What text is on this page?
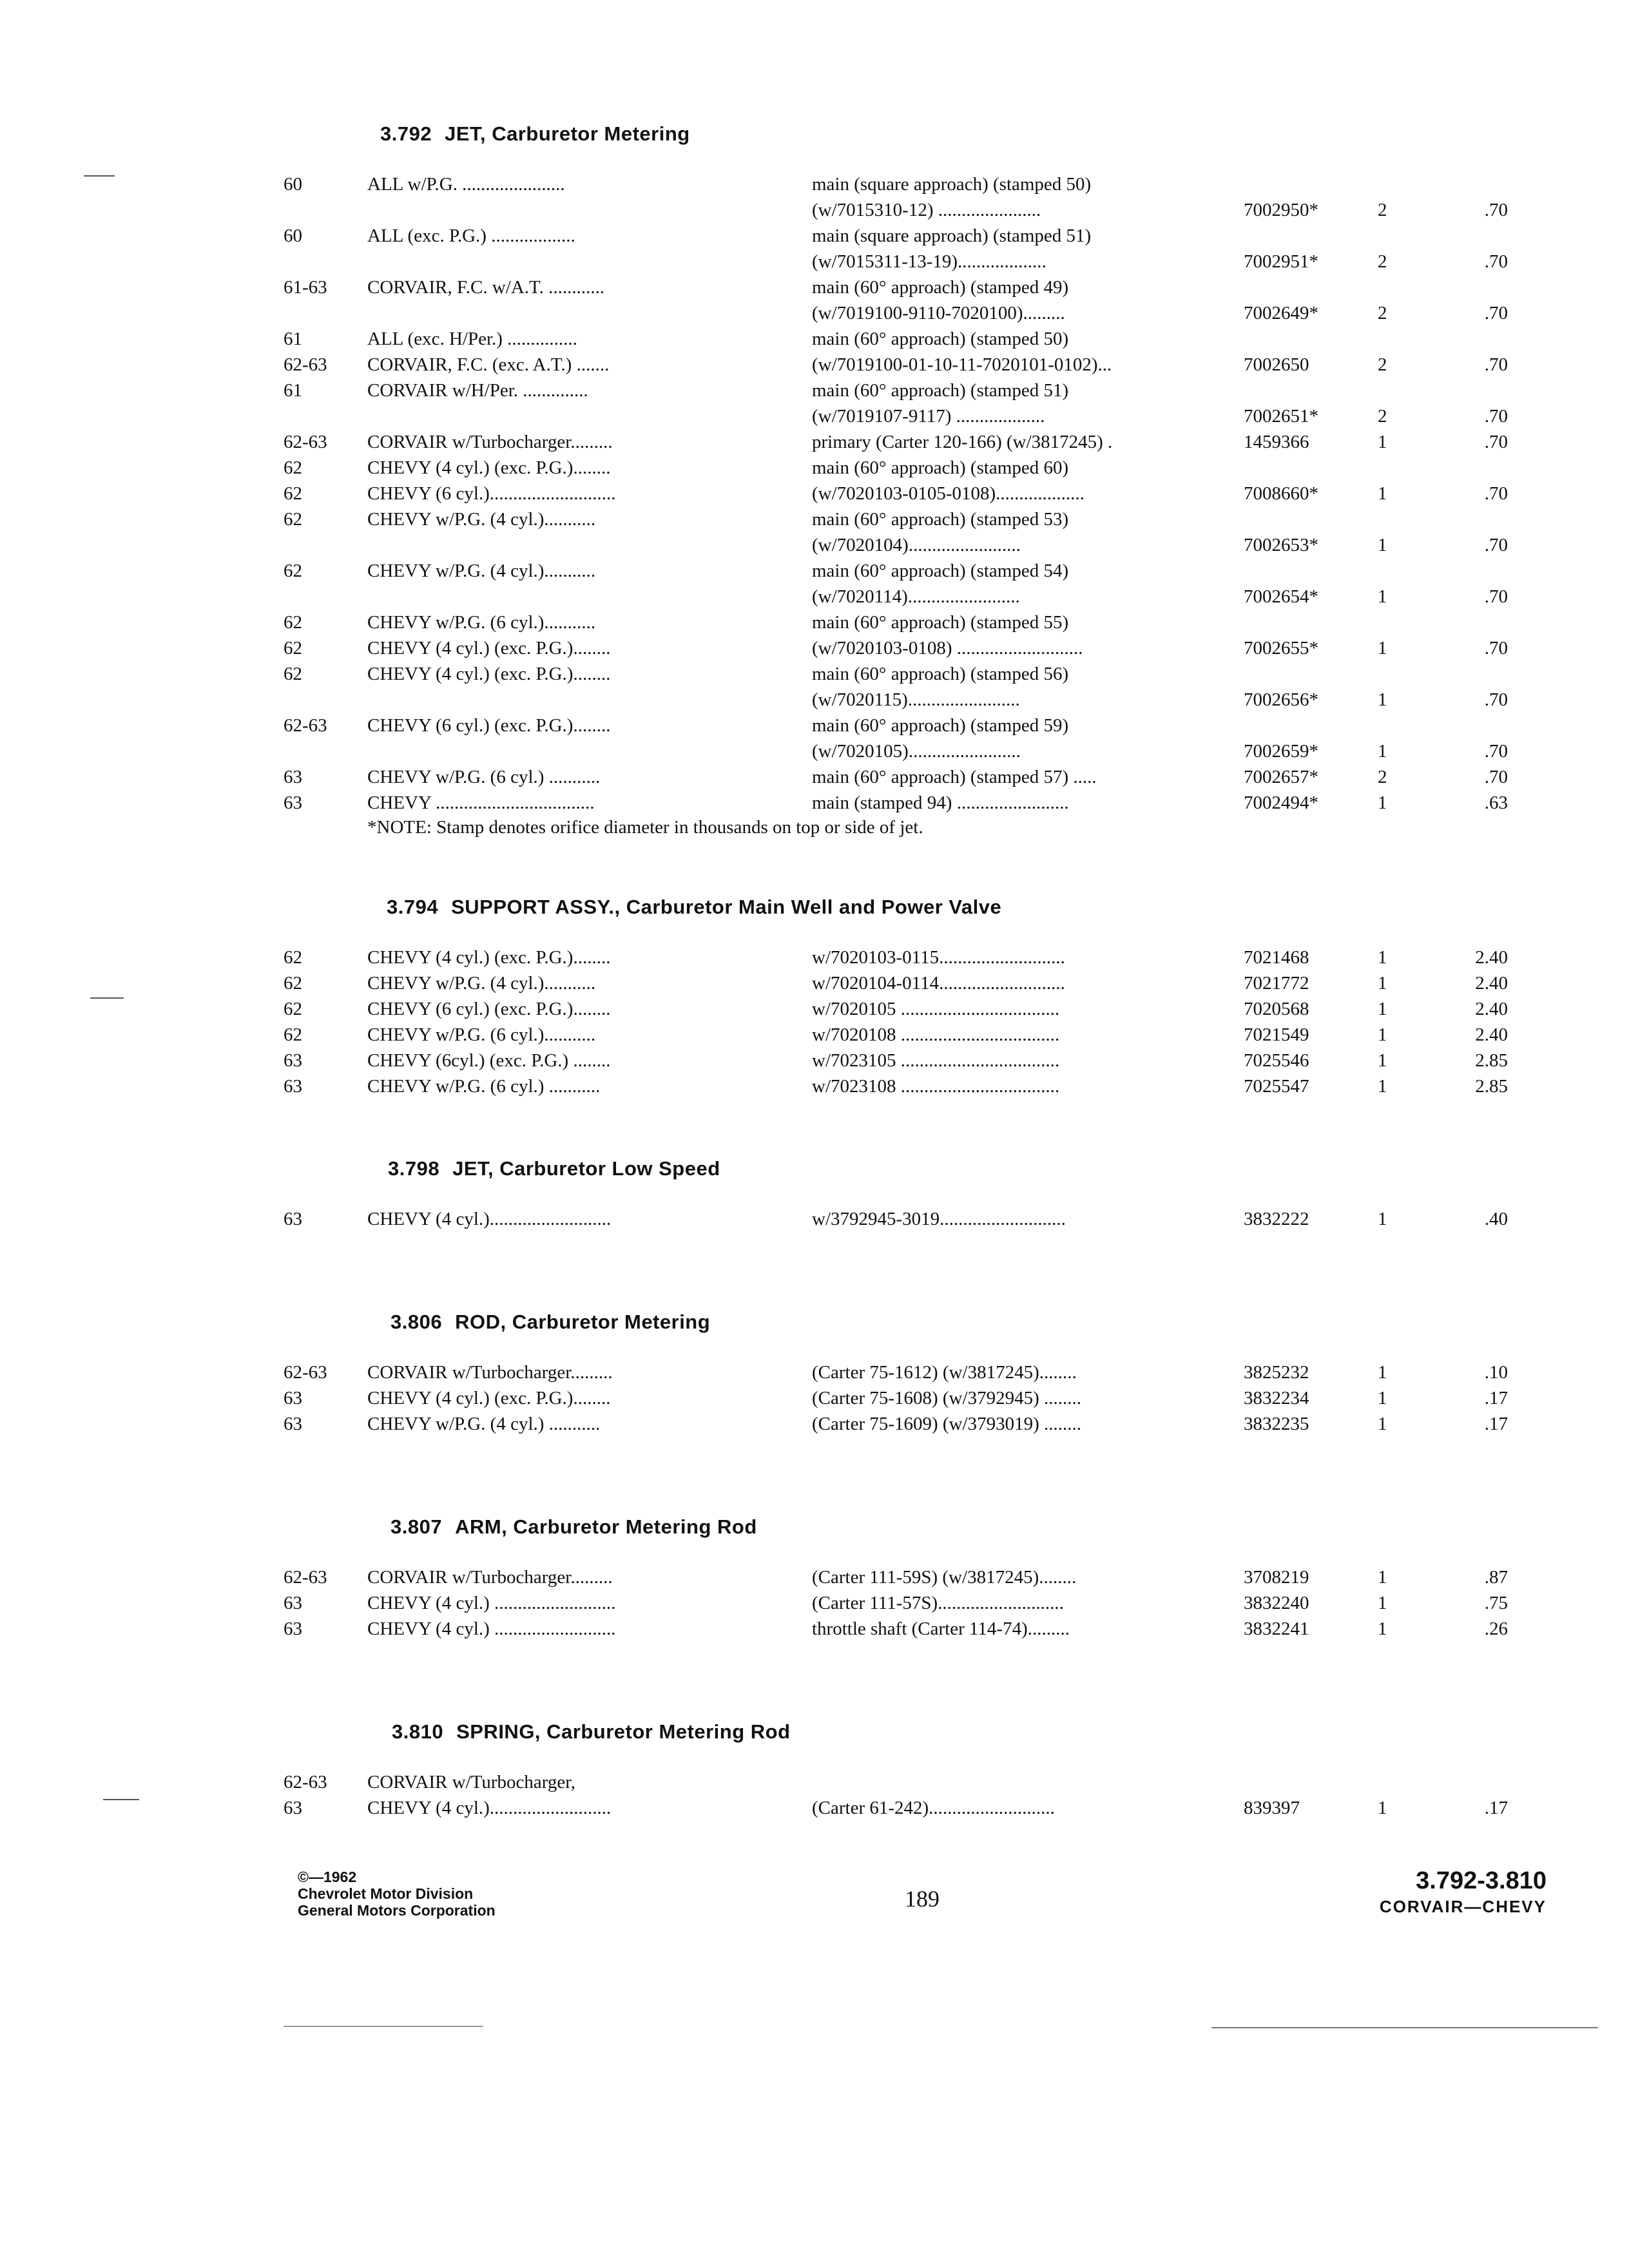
3.792 JET, Carburetor Metering
60	ALL w/P.G. ......................	main (square approach) (stamped 50)
(w/7015310-12) ......................	7002950*	2	.70
60	ALL (exc. P.G.) ..................	main (square approach) (stamped 51)
(w/7015311-13-19)...................	7002951*	2	.70
61-63	CORVAIR, F.C. w/A.T. ............	main (60° approach) (stamped 49)
(w/7019100-9110-7020100).........	7002649*	2	.70
61	ALL (exc. H/Per.) ...............	main (60° approach) (stamped 50)
62-63	CORVAIR, F.C. (exc. A.T.) .......	(w/7019100-01-10-11-7020101-0102)...	7002650	2	.70
61	CORVAIR w/H/Per. ..............	main (60° approach) (stamped 51)
(w/7019107-9117) ...................	7002651*	2	.70
62-63	CORVAIR w/Turbocharger.........	primary (Carter 120-166) (w/3817245) .	1459366	1	.70
62	CHEVY (4 cyl.) (exc. P.G.)........	main (60° approach) (stamped 60)
62	CHEVY (6 cyl.)...........................	(w/7020103-0105-0108)...................	7008660*	1	.70
62	CHEVY w/P.G. (4 cyl.)...........	main (60° approach) (stamped 53)
(w/7020104)........................	7002653*	1	.70
62	CHEVY w/P.G. (4 cyl.)...........	main (60° approach) (stamped 54)
(w/7020114)........................	7002654*	1	.70
62	CHEVY w/P.G. (6 cyl.)...........	main (60° approach) (stamped 55)
62	CHEVY (4 cyl.) (exc. P.G.)........	(w/7020103-0108) ...........................	7002655*	1	.70
62	CHEVY (4 cyl.) (exc. P.G.)........	main (60° approach) (stamped 56)
(w/7020115)........................	7002656*	1	.70
62-63	CHEVY (6 cyl.) (exc. P.G.)........	main (60° approach) (stamped 59)
(w/7020105)........................	7002659*	1	.70
63	CHEVY w/P.G. (6 cyl.) ...........	main (60° approach) (stamped 57) .....	7002657*	2	.70
63	CHEVY ..................................	main (stamped 94) ........................	7002494*	1	.63
*NOTE: Stamp denotes orifice diameter in thousands on top or side of jet.
3.794 SUPPORT ASSY., Carburetor Main Well and Power Valve
62	CHEVY (4 cyl.) (exc. P.G.)........	w/7020103-0115...........................	7021468	1	2.40
62	CHEVY w/P.G. (4 cyl.)...........	w/7020104-0114...........................	7021772	1	2.40
62	CHEVY (6 cyl.) (exc. P.G.)........	w/7020105 ..................................	7020568	1	2.40
62	CHEVY w/P.G. (6 cyl.)...........	w/7020108 ..................................	7021549	1	2.40
63	CHEVY (6cyl.) (exc. P.G.) ........	w/7023105 ..................................	7025546	1	2.85
63	CHEVY w/P.G. (6 cyl.) ...........	w/7023108 ..................................	7025547	1	2.85
3.798 JET, Carburetor Low Speed
63	CHEVY (4 cyl.)..........................	w/3792945-3019...........................	3832222	1	.40
3.806 ROD, Carburetor Metering
62-63	CORVAIR w/Turbocharger.........	(Carter 75-1612) (w/3817245)........	3825232	1	.10
63	CHEVY (4 cyl.) (exc. P.G.)........	(Carter 75-1608) (w/3792945) ........	3832234	1	.17
63	CHEVY w/P.G. (4 cyl.) ...........	(Carter 75-1609) (w/3793019) ........	3832235	1	.17
3.807 ARM, Carburetor Metering Rod
62-63	CORVAIR w/Turbocharger.........	(Carter 111-59S) (w/3817245)........	3708219	1	.87
63	CHEVY (4 cyl.) ..........................	(Carter 111-57S)...........................	3832240	1	.75
63	CHEVY (4 cyl.) ..........................	throttle shaft (Carter 114-74).........	3832241	1	.26
3.810 SPRING, Carburetor Metering Rod
62-63	CORVAIR w/Turbocharger,
63	CHEVY (4 cyl.)..........................	(Carter 61-242)...........................	839397	1	.17
©—1962
Chevrolet Motor Division
General Motors Corporation	189
3.792-3.810
CORVAIR—CHEVY
